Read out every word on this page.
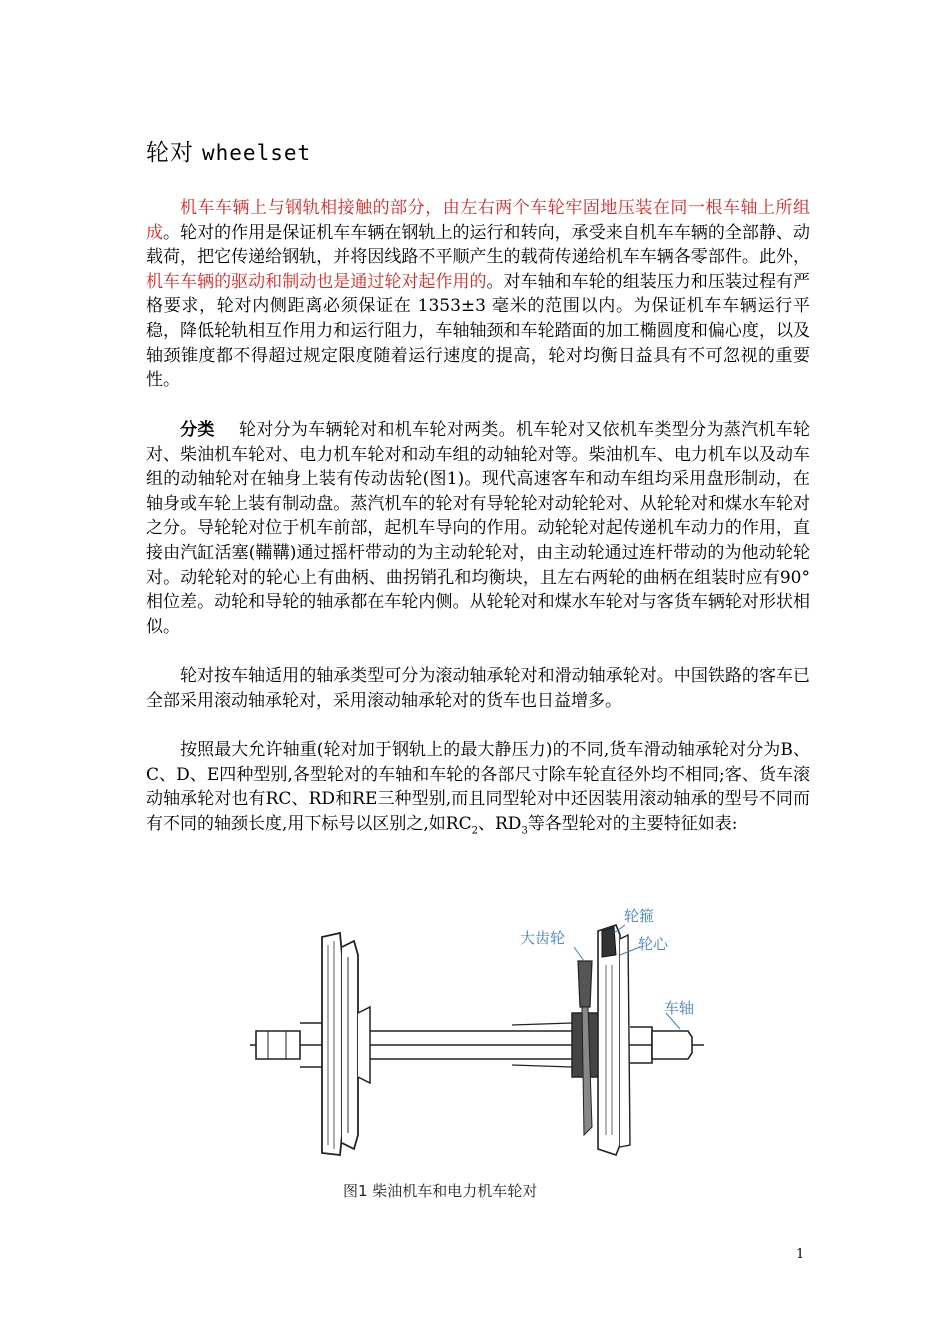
轮对 wheelset
机车车辆上与钢轨相接触的部分，由左右两个车轮牢固地压装在同一根车轴上所组成。轮对的作用是保证机车车辆在钢轨上的运行和转向，承受来自机车车辆的全部静、动载荷，把它传递给钢轨，并将因线路不平顺产生的载荷传递给机车车辆各零部件。此外，机车车辆的驱动和制动也是通过轮对起作用的。对车轴和车轮的组装压力和压装过程有严格要求，轮对内侧距离必须保证在 1353±3 毫米的范围以内。为保证机车车辆运行平稳，降低轮轨相互作用力和运行阻力，车轴轴颈和车轮踏面的加工椭圆度和偏心度，以及轴颈锥度都不得超过规定限度随着运行速度的提高，轮对均衡日益具有不可忽视的重要性。
分类 轮对分为车辆轮对和机车轮对两类。机车轮对又依机车类型分为蒸汽机车轮对、柴油机车轮对、电力机车轮对和动车组的动轴轮对等。柴油机车、电力机车以及动车组的动轴轮对在轴身上装有传动齿轮(图1)。现代高速客车和动车组均采用盘形制动，在轴身或车轮上装有制动盘。蒸汽机车的轮对有导轮轮对动轮轮对、从轮轮对和煤水车轮对之分。导轮轮对位于机车前部，起机车导向的作用。动轮轮对起传递机车动力的作用，直接由汽缸活塞(鞴鞲)通过摇杆带动的为主动轮轮对，由主动轮通过连杆带动的为他动轮轮对。动轮轮对的轮心上有曲柄、曲拐销孔和均衡块，且左右两轮的曲柄在组装时应有90° 相位差。动轮和导轮的轴承都在车轮内侧。从轮轮对和煤水车轮对与客货车辆轮对形状相似。
轮对按车轴适用的轴承类型可分为滚动轴承轮对和滑动轴承轮对。中国铁路的客车已全部采用滚动轴承轮对，采用滚动轴承轮对的货车也日益增多。
按照最大允许轴重(轮对加于钢轨上的最大静压力)的不同,货车滑动轴承轮对分为B、C、D、E四种型别,各型轮对的车轴和车轮的各部尺寸除车轮直径外均不相同;客、货车滚动轴承轮对也有RC、RD和RE三种型别,而且同型轮对中还因装用滚动轴承的型号不同而有不同的轴颈长度,用下标号以区别之,如$RC_2$、$RD_3$等各型轮对的主要特征如表:
大齿轮
轮箍
轮心
车轴
图1 柴油机车和电力机车轮对
1
